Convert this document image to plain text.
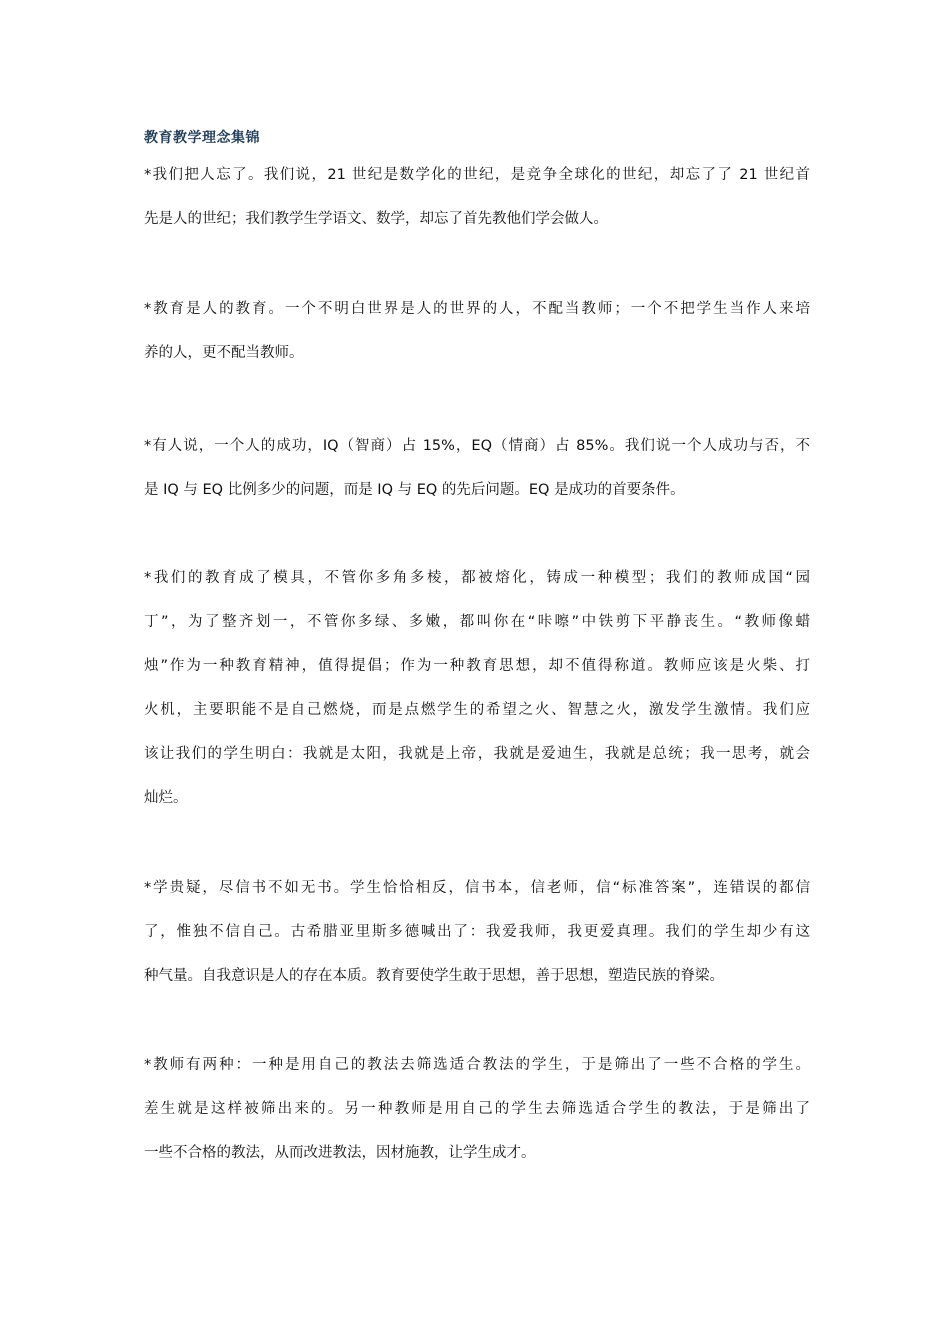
教育教学理念集锦
*我们把人忘了。我们说，21 世纪是数学化的世纪，是竞争全球化的世纪，却忘了了 21 世纪首
先是人的世纪；我们教学生学语文、数学，却忘了首先教他们学会做人。
*教育是人的教育。一个不明白世界是人的世界的人，不配当教师；一个不把学生当作人来培
养的人，更不配当教师。
*有人说，一个人的成功，IQ（智商）占 15%，EQ（情商）占 85%。我们说一个人成功与否，不
是 IQ 与 EQ 比例多少的问题，而是 IQ 与 EQ 的先后问题。EQ 是成功的首要条件。
*我们的教育成了模具，不管你多角多棱，都被熔化，铸成一种模型；我们的教师成国“园
丁”，为了整齐划一，不管你多绿、多嫩，都叫你在“咔嚓”中铁剪下平静丧生。“教师像蜡
烛”作为一种教育精神，值得提倡；作为一种教育思想，却不值得称道。教师应该是火柴、打
火机，主要职能不是自己燃烧，而是点燃学生的希望之火、智慧之火，激发学生激情。我们应
该让我们的学生明白：我就是太阳，我就是上帝，我就是爱迪生，我就是总统；我一思考，就会
灿烂。
*学贵疑，尽信书不如无书。学生恰恰相反，信书本，信老师，信“标准答案”，连错误的都信
了，惟独不信自己。古希腊亚里斯多德喊出了：我爱我师，我更爱真理。我们的学生却少有这
种气量。自我意识是人的存在本质。教育要使学生敢于思想，善于思想，塑造民族的脊梁。
*教师有两种：一种是用自己的教法去筛选适合教法的学生，于是筛出了一些不合格的学生。
差生就是这样被筛出来的。另一种教师是用自己的学生去筛选适合学生的教法，于是筛出了
一些不合格的教法，从而改进教法，因材施教，让学生成才。
